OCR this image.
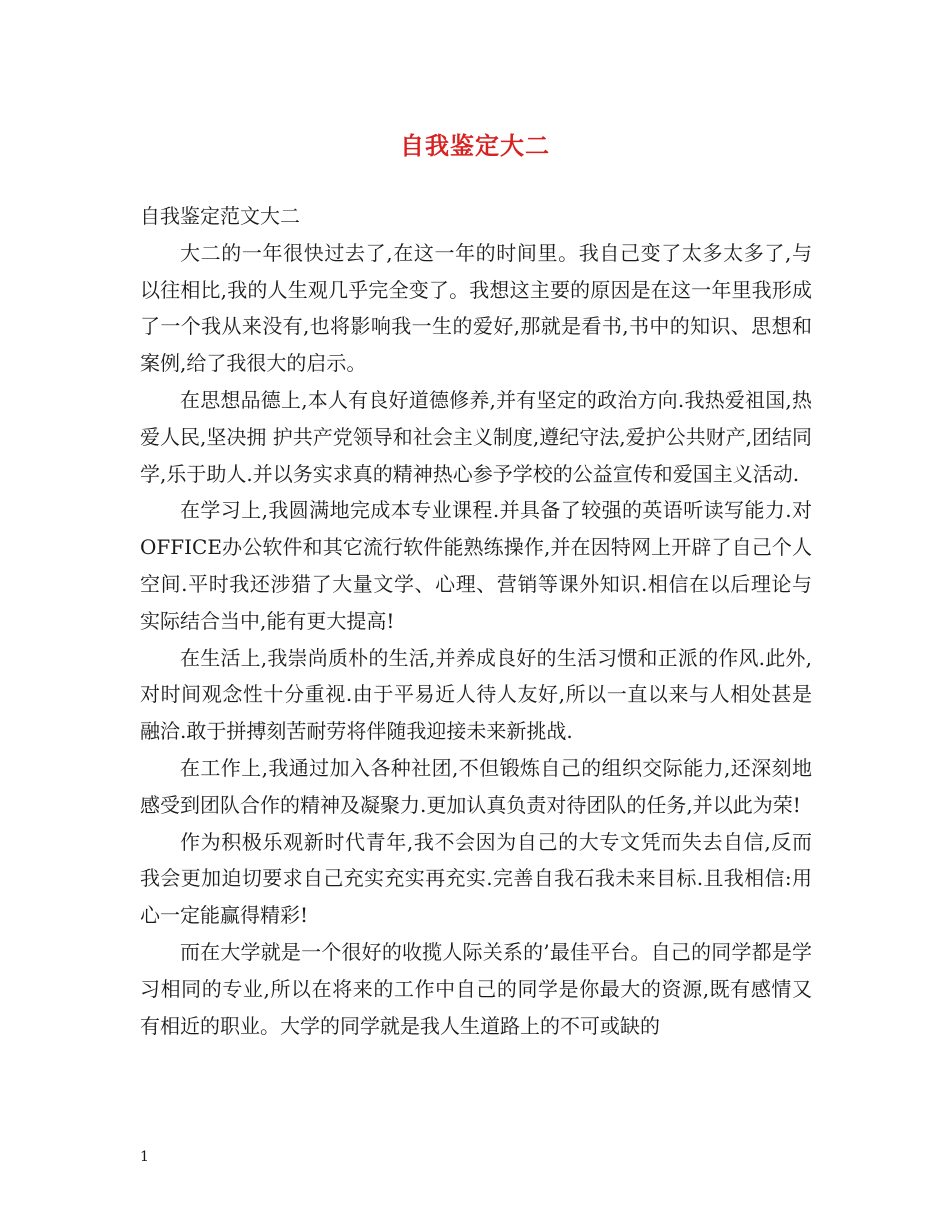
自我鉴定大二

自我鉴定范文大二

大二的一年很快过去了,在这一年的时间里。我自己变了太多太多了,与以往相比,我的人生观几乎完全变了。我想这主要的原因是在这一年里我形成了一个我从来没有,也将影响我一生的爱好,那就是看书,书中的知识、思想和案例,给了我很大的启示。

在思想品德上,本人有良好道德修养,并有坚定的政治方向.我热爱祖国,热爱人民,坚决拥 护共产党领导和社会主义制度,遵纪守法,爱护公共财产,团结同学,乐于助人.并以务实求真的精神热心参予学校的公益宣传和爱国主义活动.

在学习上,我圆满地完成本专业课程.并具备了较强的英语听读写能力.对OFFICE办公软件和其它流行软件能熟练操作,并在因特网上开辟了自己个人空间.平时我还涉猎了大量文学、心理、营销等课外知识.相信在以后理论与实际结合当中,能有更大提高!

在生活上,我崇尚质朴的生活,并养成良好的生活习惯和正派的作风.此外,对时间观念性十分重视.由于平易近人待人友好,所以一直以来与人相处甚是融洽.敢于拼搏刻苦耐劳将伴随我迎接未来新挑战.

在工作上,我通过加入各种社团,不但锻炼自己的组织交际能力,还深刻地感受到团队合作的精神及凝聚力.更加认真负责对待团队的任务,并以此为荣!

作为积极乐观新时代青年,我不会因为自己的大专文凭而失去自信,反而我会更加迫切要求自己充实充实再充实.完善自我石我未来目标.且我相信:用心一定能赢得精彩!

而在大学就是一个很好的收揽人际关系的’最佳平台。自己的同学都是学习相同的专业,所以在将来的工作中自己的同学是你最大的资源,既有感情又有相近的职业。大学的同学就是我人生道路上的不可或缺的

1
